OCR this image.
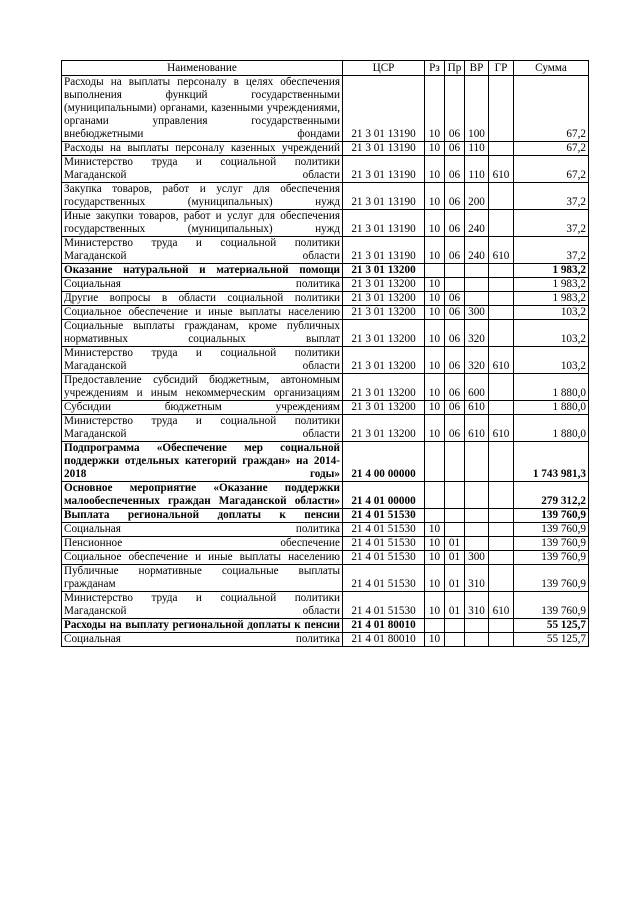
Наименование	ЦСР	Рз	Пр	ВР	ГР	Сумма
Расходы на выплаты персоналу в целях обеспечения выполнения функций государственными (муниципальными) органами, казенными учреждениями, органами управления государственными внебюджетными фондами	21 3 01 13190	10	06	100		67,2
Расходы на выплаты персоналу казенных учреждений	21 3 01 13190	10	06	110		67,2
Министерство труда и социальной политики Магаданской области	21 3 01 13190	10	06	110	610	67,2
Закупка товаров, работ и услуг для обеспечения государственных (муниципальных) нужд	21 3 01 13190	10	06	200		37,2
Иные закупки товаров, работ и услуг для обеспечения государственных (муниципальных) нужд	21 3 01 13190	10	06	240		37,2
Министерство труда и социальной политики Магаданской области	21 3 01 13190	10	06	240	610	37,2
Оказание натуральной и материальной помощи	21 3 01 13200					1 983,2
Социальная политика	21 3 01 13200	10				1 983,2
Другие вопросы в области социальной политики	21 3 01 13200	10	06			1 983,2
Социальное обеспечение и иные выплаты населению	21 3 01 13200	10	06	300		103,2
Социальные выплаты гражданам, кроме публичных нормативных социальных выплат	21 3 01 13200	10	06	320		103,2
Министерство труда и социальной политики Магаданской области	21 3 01 13200	10	06	320	610	103,2
Предоставление субсидий бюджетным, автономным учреждениям и иным некоммерческим организациям	21 3 01 13200	10	06	600		1 880,0
Субсидии бюджетным учреждениям	21 3 01 13200	10	06	610		1 880,0
Министерство труда и социальной политики Магаданской области	21 3 01 13200	10	06	610	610	1 880,0
Подпрограмма «Обеспечение мер социальной поддержки отдельных категорий граждан» на 2014-2018 годы»	21 4 00 00000					1 743 981,3
Основное мероприятие «Оказание поддержки малообеспеченных граждан Магаданской области»	21 4 01 00000					279 312,2
Выплата региональной доплаты к пенсии	21 4 01 51530					139 760,9
Социальная политика	21 4 01 51530	10				139 760,9
Пенсионное обеспечение	21 4 01 51530	10	01			139 760,9
Социальное обеспечение и иные выплаты населению	21 4 01 51530	10	01	300		139 760,9
Публичные нормативные социальные выплаты гражданам	21 4 01 51530	10	01	310		139 760,9
Министерство труда и социальной политики Магаданской области	21 4 01 51530	10	01	310	610	139 760,9
Расходы на выплату региональной доплаты к пенсии	21 4 01 80010					55 125,7
Социальная политика	21 4 01 80010	10				55 125,7
